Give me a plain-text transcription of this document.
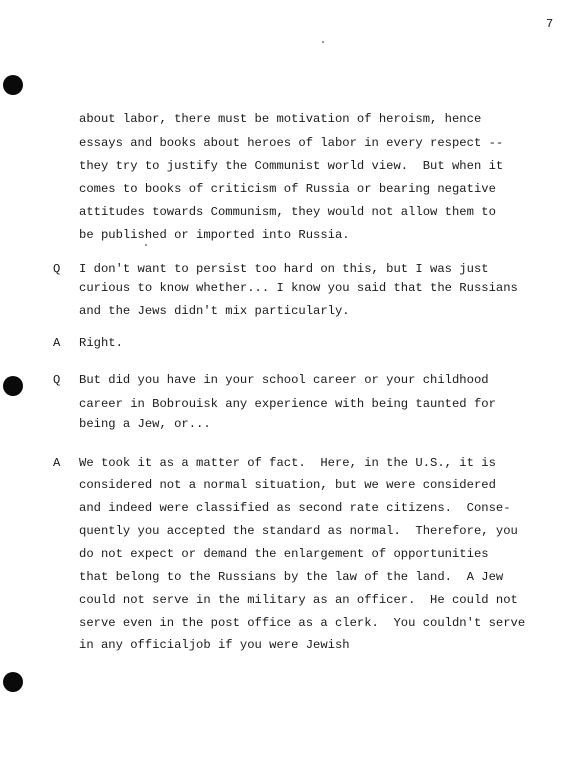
7
about labor, there must be motivation of heroism, hence
essays and books about heroes of labor in every respect --
they try to justify the Communist world view.  But when it
comes to books of criticism of Russia or bearing negative
attitudes towards Communism, they would not allow them to
be published or imported into Russia.
Q I don't want to persist too hard on this, but I was just
curious to know whether... I know you said that the Russians
and the Jews didn't mix particularly.
A Right.
Q But did you have in your school career or your childhood
career in Bobrouisk any experience with being taunted for
being a Jew, or...
A We took it as a matter of fact.  Here, in the U.S., it is
considered not a normal situation, but we were considered
and indeed were classified as second rate citizens.  Conse-
quently you accepted the standard as normal.  Therefore, you
do not expect or demand the enlargement of opportunities
that belong to the Russians by the law of the land.  A Jew
could not serve in the military as an officer.  He could not
serve even in the post office as a clerk.  You couldn't serve
in any officialjob if you were Jewish
